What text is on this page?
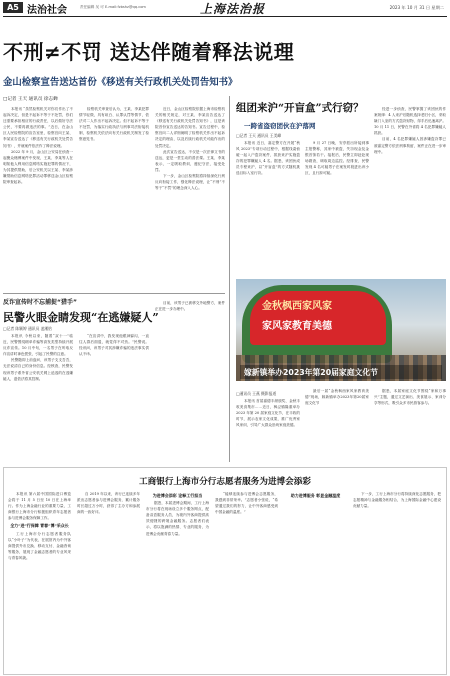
A5 法治社会	责任编辑 吴 可 E-mail:fzbshz@qq.com	上海法治报	2023 年 10 月 31 日 星期二
不刑≠不罚 送达伴随着释法说理
金山检察宣告送达首份《移送有关行政机关处罚告知书》
□记者 王天 通讯员 徐志蝉

本报讯 “虽然检察机关对你们作出了不起诉决定，但是不起诉不等于不处罚，你们还需要承担相应的行政责任，以后做好守法公民，不要再做违法的事。”近日，在金山区人民检察院的宣告室里，检察官向王某、李某宣告送达了《移送有关行政机关处罚告知书》，并就案件依法作了释法说理。

2022 年 9 月，金山区公安局在侦查一起聚众赌博案件中发现，王某、李某等人在明知他人利用信息网络实施犯罪的情况下，为其提供帮助，后公安机关以王某、李某涉嫌帮助信息网络犯罪活动罪移送金山区检察院审查起诉。

检察机关审查后认为，王某、李某犯罪情节轻微，具有坦白、认罪认罚等情节，依法对二人作出不起诉决定。但不起诉不等于不处罚，为落实行政执法与刑事司法衔接机制，检察机关依法向有关行政机关制发了检察意见书。

近日，金山区检察院依据上海市检察机关的相关规定，对王某、李某宣告送达了《移送有关行政机关处罚告知书》，这是该院首份宣告送达的告知书。宣告过程中，检察官向二人详细阐明了检察机关作出不起诉决定的理由，以及后续行政机关可能作出的处罚决定。

此次宣告送达，不仅是一次法律文书的送达，更是一堂生动的普法课。王某、李某表示，一定吸取教训，遵纪守法，接受处罚。

下一步，金山区检察院将持续深化行刑反向衔接工作，强化释法说理，让“不刑”不等于“不罚”的理念深入人心。

组团来沪“开盲盒”式行窃？
一跨省盗窃团伙在沪落网
□记者 王天 通讯员 王美峰

本报讯 近日，嘉定警方在开展“秋风 2023”专项行动过程中，根据线索侦破一起入户盗窃案件，抓获来沪实施盗窃的犯罪嫌疑人 4 名。据悉，该团伙成员专程来沪，以“开盲盒”的方式随机挑选目标入室行窃。

9 月 27 日晚，安亭派出所接到事主报警称，其家中被盗，失窃现金及金银首饰若干。接报后，民警立即赶赴现场勘查，调取周边监控。经排查，民警发现 4 名可疑男子在案发时段进出该小区，且行踪可疑。

经进一步侦查，民警掌握了该团伙的作案规律：4 人来沪后随机选择老旧小区，采取撬门入室的方式盗窃财物，得手后迅速离沪。10 月 11 日，民警在外省将 4 名犯罪嫌疑人抓获。

目前，4 名犯罪嫌疑人因涉嫌盗窃罪已被嘉定警方依法刑事拘留，案件正在进一步审理中。

反诈宣传时不忘捕捉“猎手”
民警火眼金睛发现“在逃嫌疑人”
□记者 陈颖婷 通讯员 凌湘怡

本报讯 今秋以来，随着“双十一”临近，民警围绕刷单诈骗等高发类型持续开展反诈宣传。10 月中旬，一名男子在听取反诈宣讲时神色慌张，引起了民警的注意。

民警随即上前盘问，该男子支支吾吾，无法说清自己的身份信息。经核查，民警发现该男子系外省公安机关网上追逃的在逃嫌疑人，遂依法将其控制。

“在宣讲中，我发现他眼神躲闪，一直往人群后面退，就觉得不对劲。”民警说。经讯问，该男子对其涉嫌诈骗的违法事实供认不讳。

目前，该男子已被移交外地警方，案件正在进一步办理中。	金秋枫西家风家
家风家教育美德
嫁新镇举办2023年第20届家庭文化节
□通讯员 王燕 摄影报道

本报讯 首届嘉德丰颜颁奖、金秋丰收美食集市……近日，枫泾镇隆重举办 2023 年第 20 届家庭文化节，在丰收的时节，展示农家文化成果，推广优秀家风家训，引导广大群众崇尚家庭美德。

最后一届“金秋枫西家风家教育美德”现场，嫁新镇举办2023年第20届家庭文化节

据悉，本届家庭文化节围绕“家和万事兴”主题，通过文艺演出、美食展示、家训分享等形式，吸引众多市民游客参与。

工商银行上海市分行志愿者服务为进博会添彩

本报讯 第六届中国国际进口博览会将于 11 月 5 日至 10 日在上海举行。作为上海金融行业的重要力量，工商银行上海市分行积极组织青年志愿者参与进博会服务保障工作。

全力“进”行保障 青春“博”采众长

工行上海市分行志愿者服务队以“小叶子”为代表，在展馆内为中外客商提供外币兑换、移动支付、金融咨询等服务，展现了金融志愿者的专业风采与青春风貌。

自 2019 年以来，该行已连续多年派出志愿者参与进博会服务，累计服务时长超过万小时，获得了主办方和参展商的一致好评。

为进博会添彩 诠释工行担当

据悉，本届进博会期间，工行上海市分行将在现场设立多个服务网点，配备双语服务人员，为境内外客商提供高效便捷的跨境金融服务。志愿者们表示，将以饱满的热情、专业的服务，为进博会贡献青春力量。

“能够连续参与进博会志愿服务，我感到非常荣幸。”志愿者小张说，“希望通过我们的努力，让中外客商感受到中国金融的温度。”

助力进博服务 彰显金融温度	下一步，工行上海市分行将持续深化志愿服务，把志愿精神与金融服务相结合，为上海国际金融中心建设贡献力量。
